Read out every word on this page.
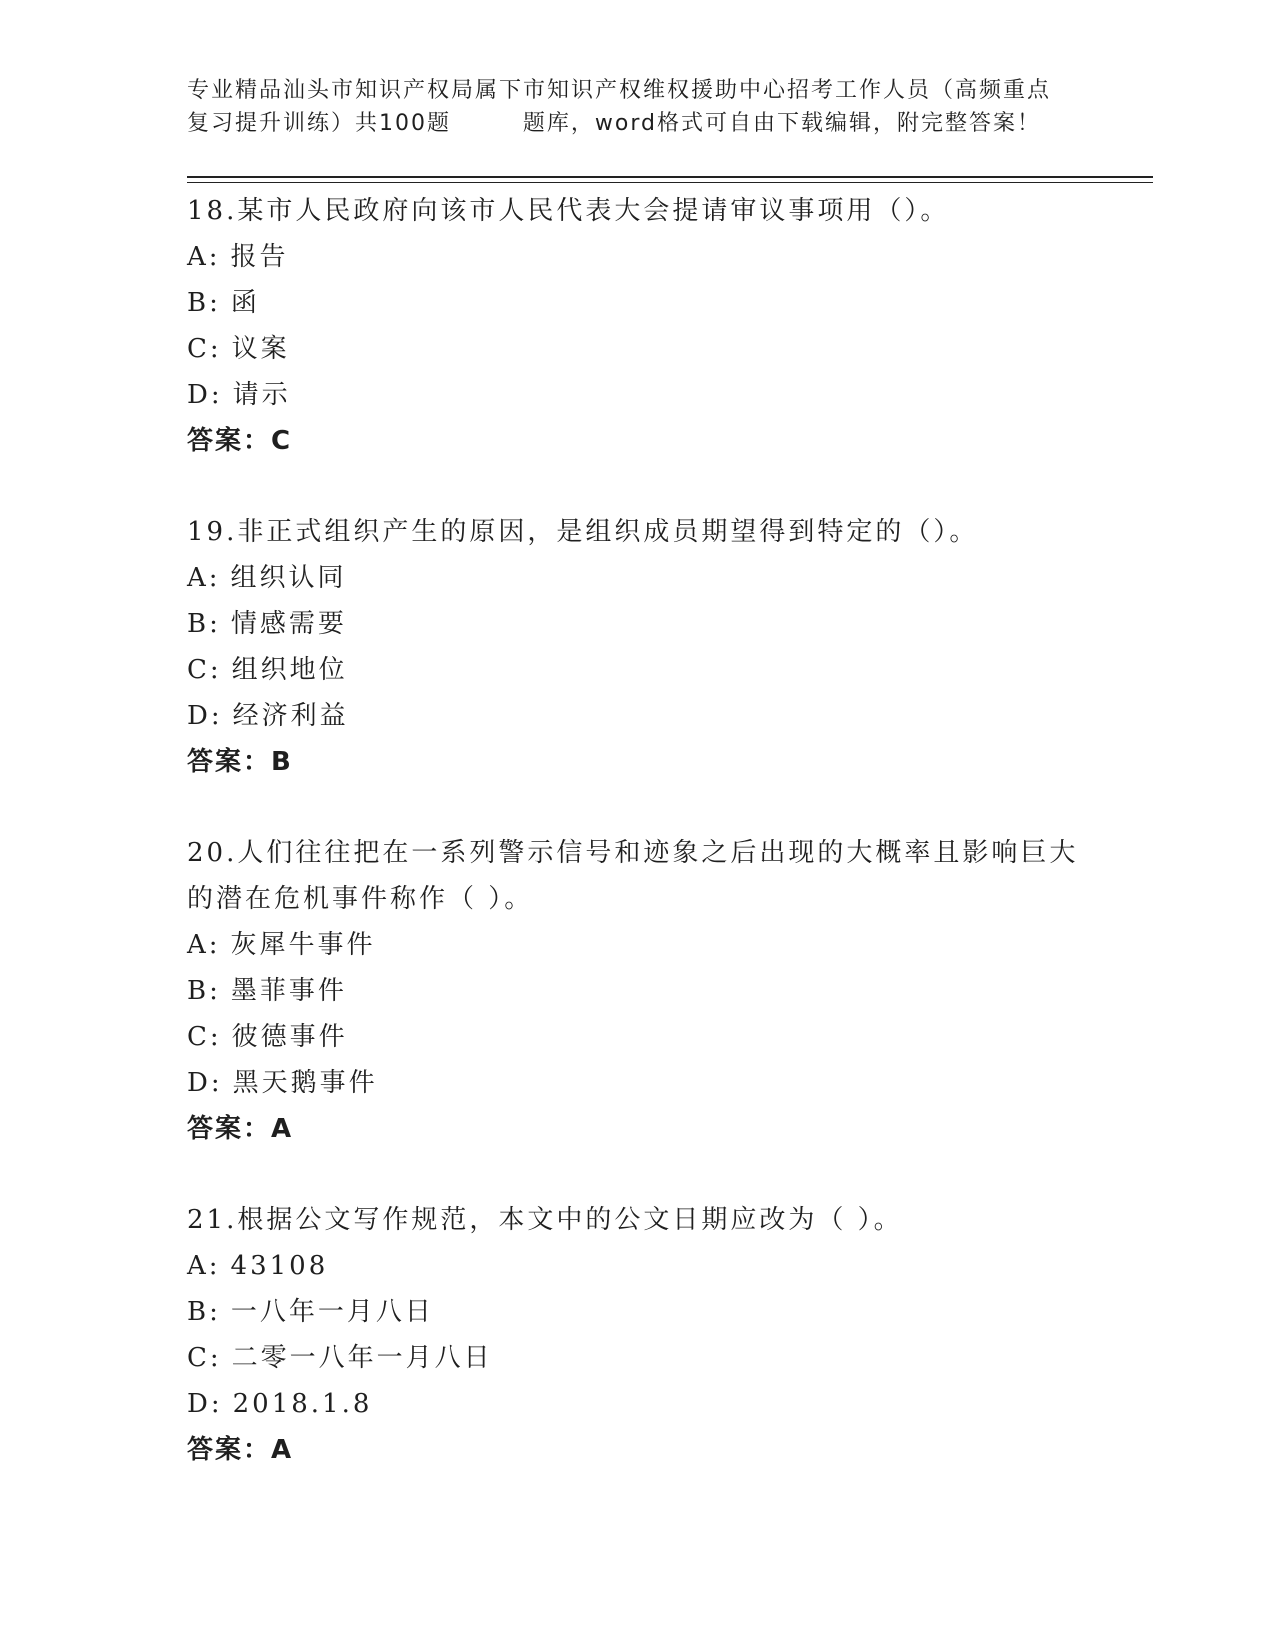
专业精品汕头市知识产权局属下市知识产权维权援助中心招考工作人员（高频重点
复习提升训练）共100题        题库，word格式可自由下载编辑，附完整答案！

18.某市人民政府向该市人民代表大会提请审议事项用（）。

A: 报告

B: 函

C: 议案

D: 请示

答案：C

19.非正式组织产生的原因，是组织成员期望得到特定的（）。

A: 组织认同

B: 情感需要

C: 组织地位

D: 经济利益

答案：B

20.人们往往把在一系列警示信号和迹象之后出现的大概率且影响巨大
的潜在危机事件称作（ ）。

A: 灰犀牛事件

B: 墨菲事件

C: 彼德事件

D: 黑天鹅事件

答案：A

21.根据公文写作规范，本文中的公文日期应改为（ ）。

A: 43108

B: 一八年一月八日

C: 二零一八年一月八日

D: 2018.1.8

答案：A
